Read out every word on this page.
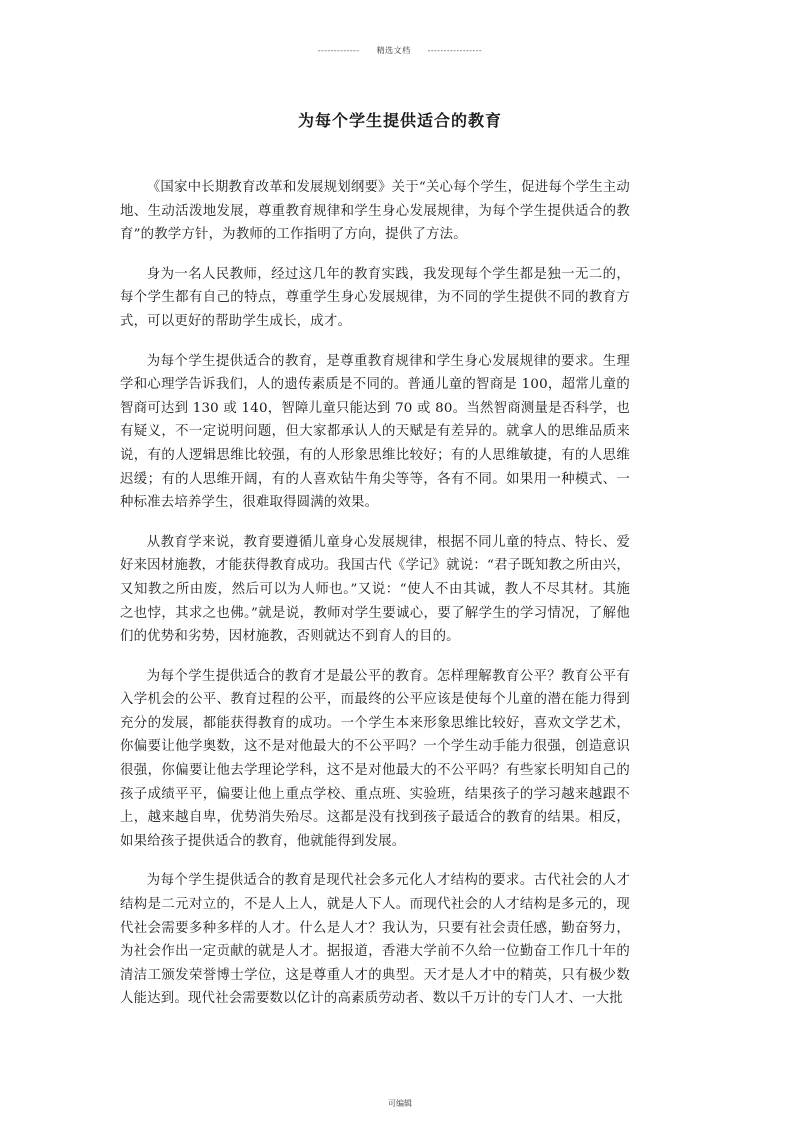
------------- 精选文档 -----------------
为每个学生提供适合的教育

《国家中长期教育改革和发展规划纲要》关于“关心每个学生，促进每个学生主动地、生动活泼地发展，尊重教育规律和学生身心发展规律，为每个学生提供适合的教育”的教学方针，为教师的工作指明了方向，提供了方法。

身为一名人民教师，经过这几年的教育实践，我发现每个学生都是独一无二的，每个学生都有自己的特点，尊重学生身心发展规律，为不同的学生提供不同的教育方式，可以更好的帮助学生成长，成才。

为每个学生提供适合的教育，是尊重教育规律和学生身心发展规律的要求。生理学和心理学告诉我们，人的遗传素质是不同的。普通儿童的智商是 100，超常儿童的智商可达到 130 或 140，智障儿童只能达到 70 或 80。当然智商测量是否科学，也有疑义，不一定说明问题，但大家都承认人的天赋是有差异的。就拿人的思维品质来说，有的人逻辑思维比较强，有的人形象思维比较好；有的人思维敏捷，有的人思维迟缓；有的人思维开阔，有的人喜欢钻牛角尖等等，各有不同。如果用一种模式、一种标准去培养学生，很难取得圆满的效果。

从教育学来说，教育要遵循儿童身心发展规律，根据不同儿童的特点、特长、爱好来因材施教，才能获得教育成功。我国古代《学记》就说：“君子既知教之所由兴，又知教之所由废，然后可以为人师也。”又说：“使人不由其诚，教人不尽其材。其施之也悖，其求之也佛。”就是说，教师对学生要诚心，要了解学生的学习情况，了解他们的优势和劣势，因材施教，否则就达不到育人的目的。

为每个学生提供适合的教育才是最公平的教育。怎样理解教育公平？教育公平有入学机会的公平、教育过程的公平，而最终的公平应该是使每个儿童的潜在能力得到充分的发展，都能获得教育的成功。一个学生本来形象思维比较好，喜欢文学艺术，你偏要让他学奥数，这不是对他最大的不公平吗？一个学生动手能力很强，创造意识很强，你偏要让他去学理论学科，这不是对他最大的不公平吗？有些家长明知自己的孩子成绩平平，偏要让他上重点学校、重点班、实验班，结果孩子的学习越来越跟不上，越来越自卑，优势消失殆尽。这都是没有找到孩子最适合的教育的结果。相反，如果给孩子提供适合的教育，他就能得到发展。

为每个学生提供适合的教育是现代社会多元化人才结构的要求。古代社会的人才结构是二元对立的，不是人上人，就是人下人。而现代社会的人才结构是多元的，现代社会需要多种多样的人才。什么是人才？我认为，只要有社会责任感，勤奋努力，为社会作出一定贡献的就是人才。据报道，香港大学前不久给一位勤奋工作几十年的清洁工颁发荣誉博士学位，这是尊重人才的典型。天才是人才中的精英，只有极少数人能达到。现代社会需要数以亿计的高素质劳动者、数以千万计的专门人才、一大批

可编辑
